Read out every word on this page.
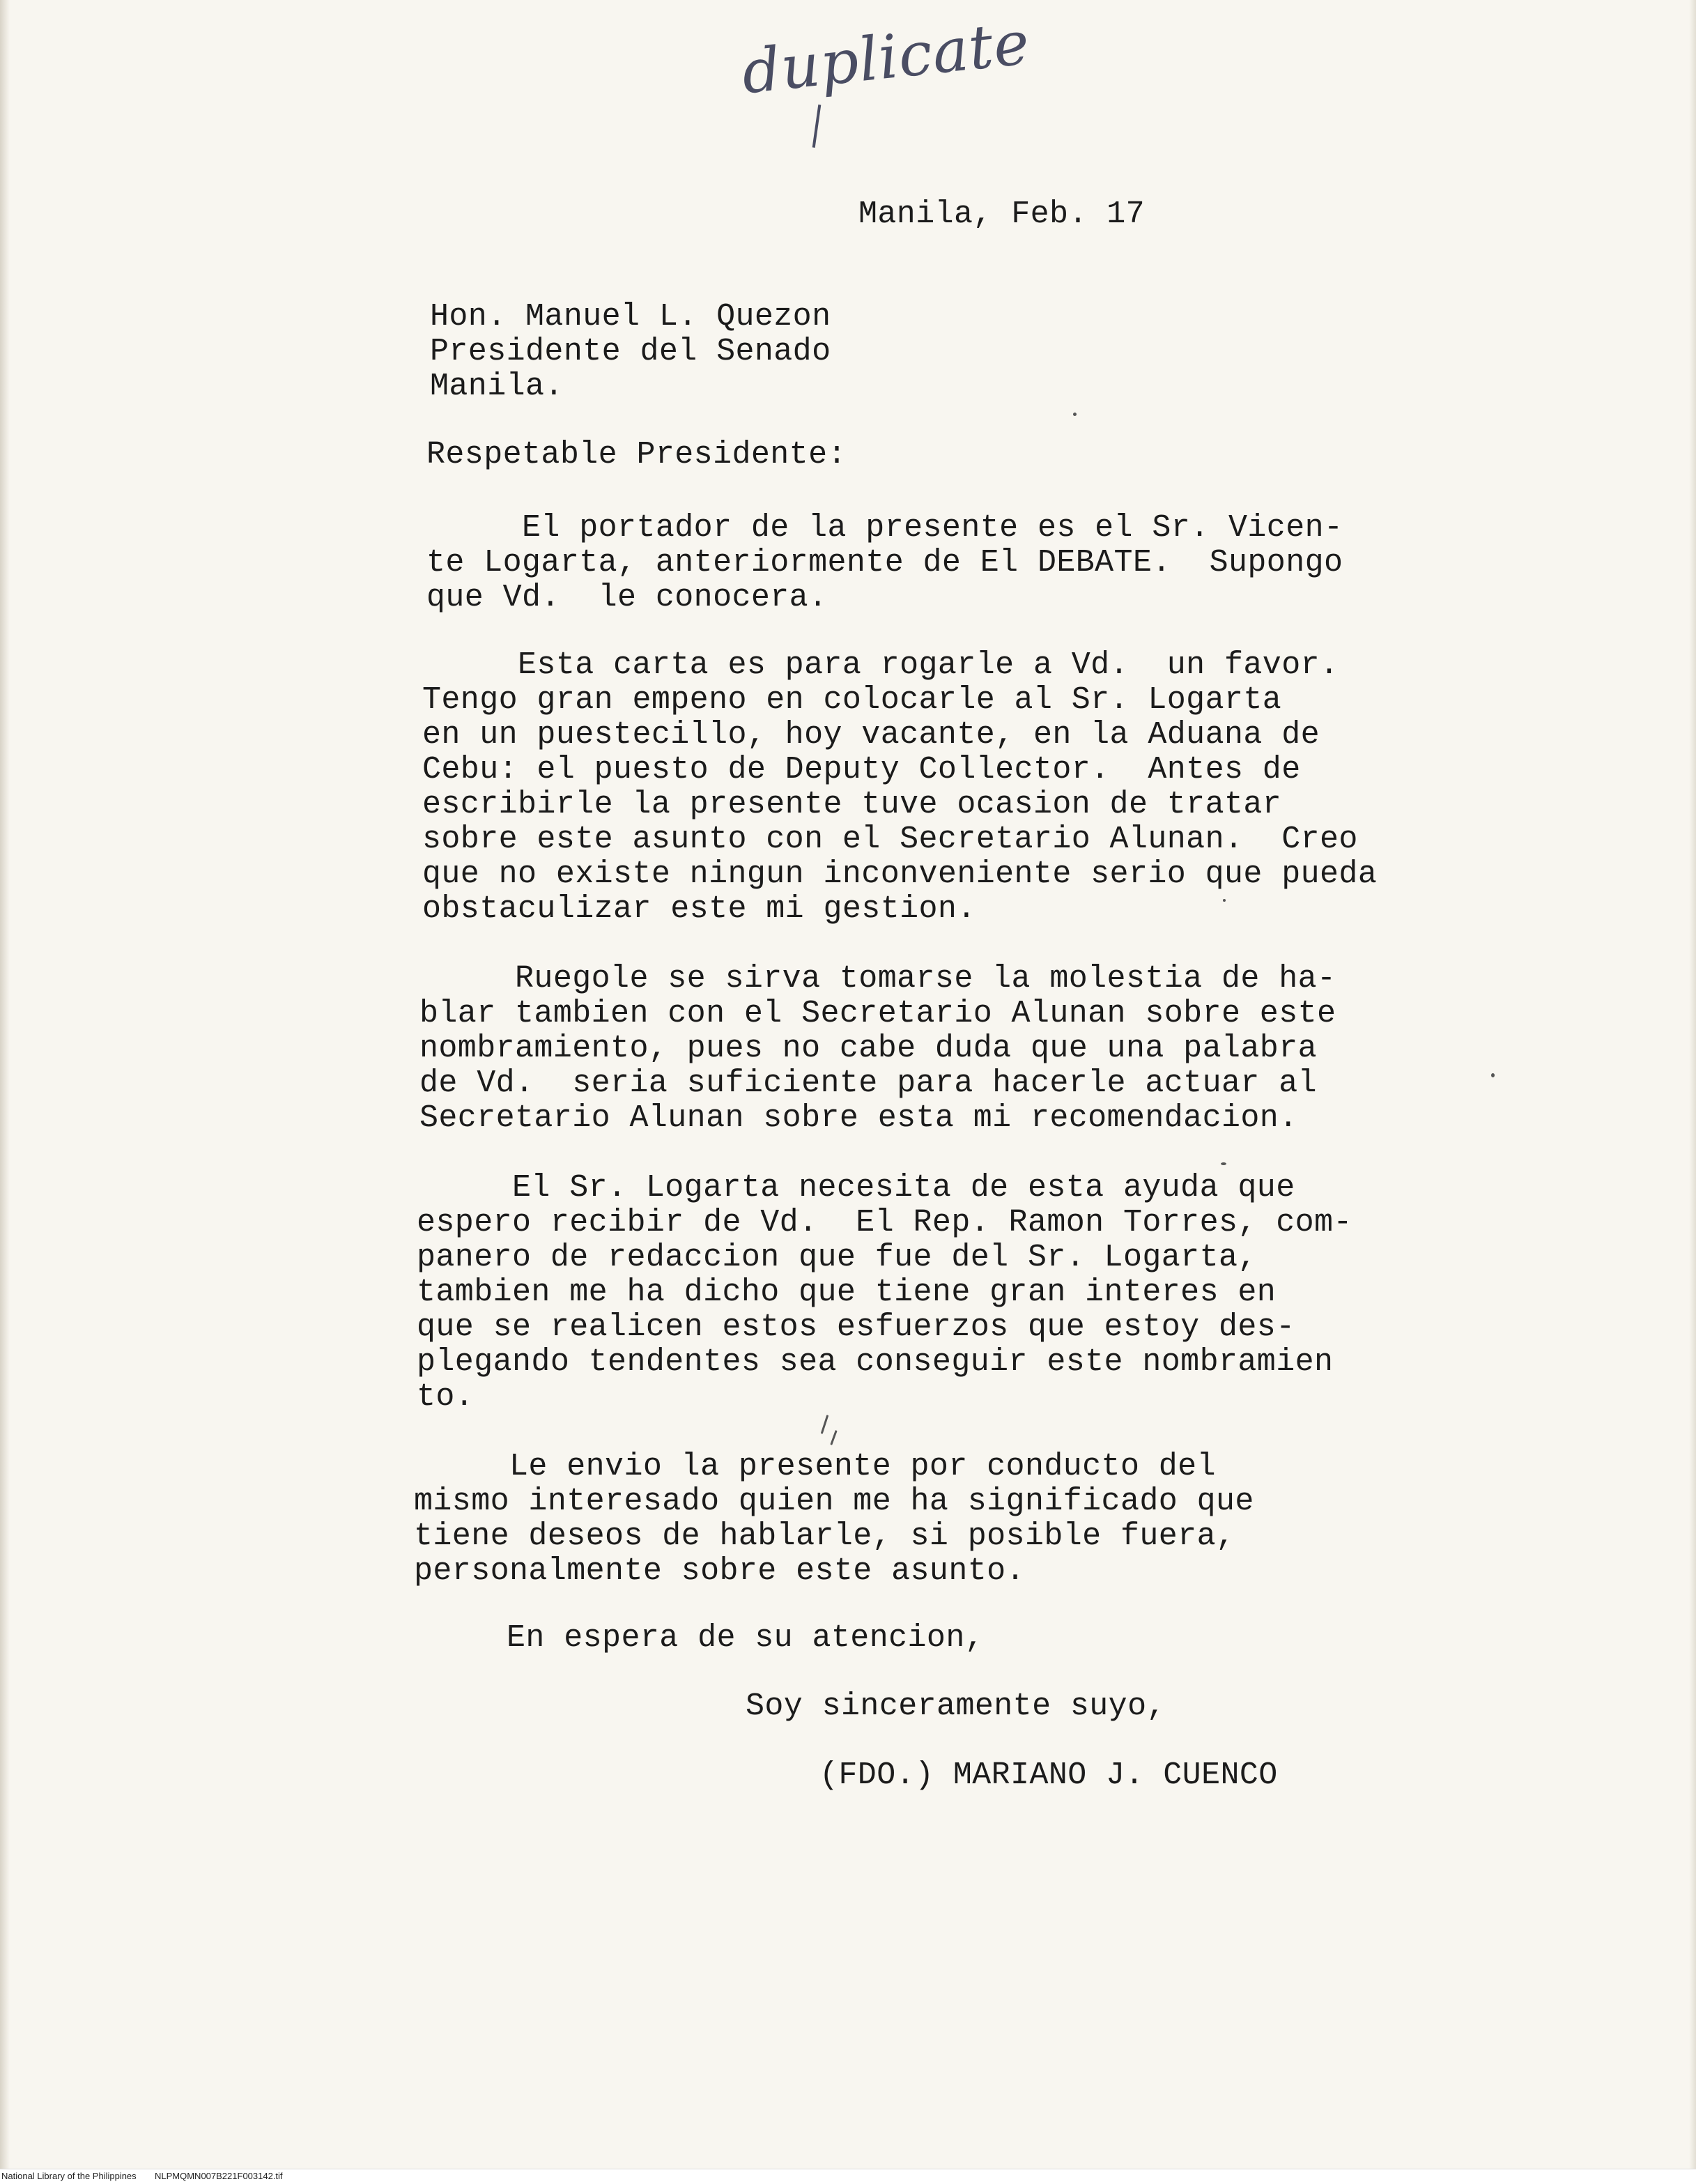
duplicate
Manila, Feb. 17
Hon. Manuel L. Quezon
Presidente del Senado
Manila.
Respetable Presidente:
El portador de la presente es el Sr. Vicen-
te Logarta, anteriormente de El DEBATE.  Supongo
que Vd.  le conocera.
Esta carta es para rogarle a Vd.  un favor.
Tengo gran empeno en colocarle al Sr. Logarta
en un puestecillo, hoy vacante, en la Aduana de
Cebu: el puesto de Deputy Collector.  Antes de
escribirle la presente tuve ocasion de tratar
sobre este asunto con el Secretario Alunan.  Creo
que no existe ningun inconveniente serio que pueda
obstaculizar este mi gestion.
Ruegole se sirva tomarse la molestia de ha-
blar tambien con el Secretario Alunan sobre este
nombramiento, pues no cabe duda que una palabra
de Vd.  seria suficiente para hacerle actuar al
Secretario Alunan sobre esta mi recomendacion.
El Sr. Logarta necesita de esta ayuda que
espero recibir de Vd.  El Rep. Ramon Torres, com-
panero de redaccion que fue del Sr. Logarta,
tambien me ha dicho que tiene gran interes en
que se realicen estos esfuerzos que estoy des-
plegando tendentes sea conseguir este nombramien
to.
Le envio la presente por conducto del
mismo interesado quien me ha significado que
tiene deseos de hablarle, si posible fuera,
personalmente sobre este asunto.
En espera de su atencion,
Soy sinceramente suyo,
(FDO.) MARIANO J. CUENCO
National Library of the Philippines NLPMQMN007B221F003142.tif
